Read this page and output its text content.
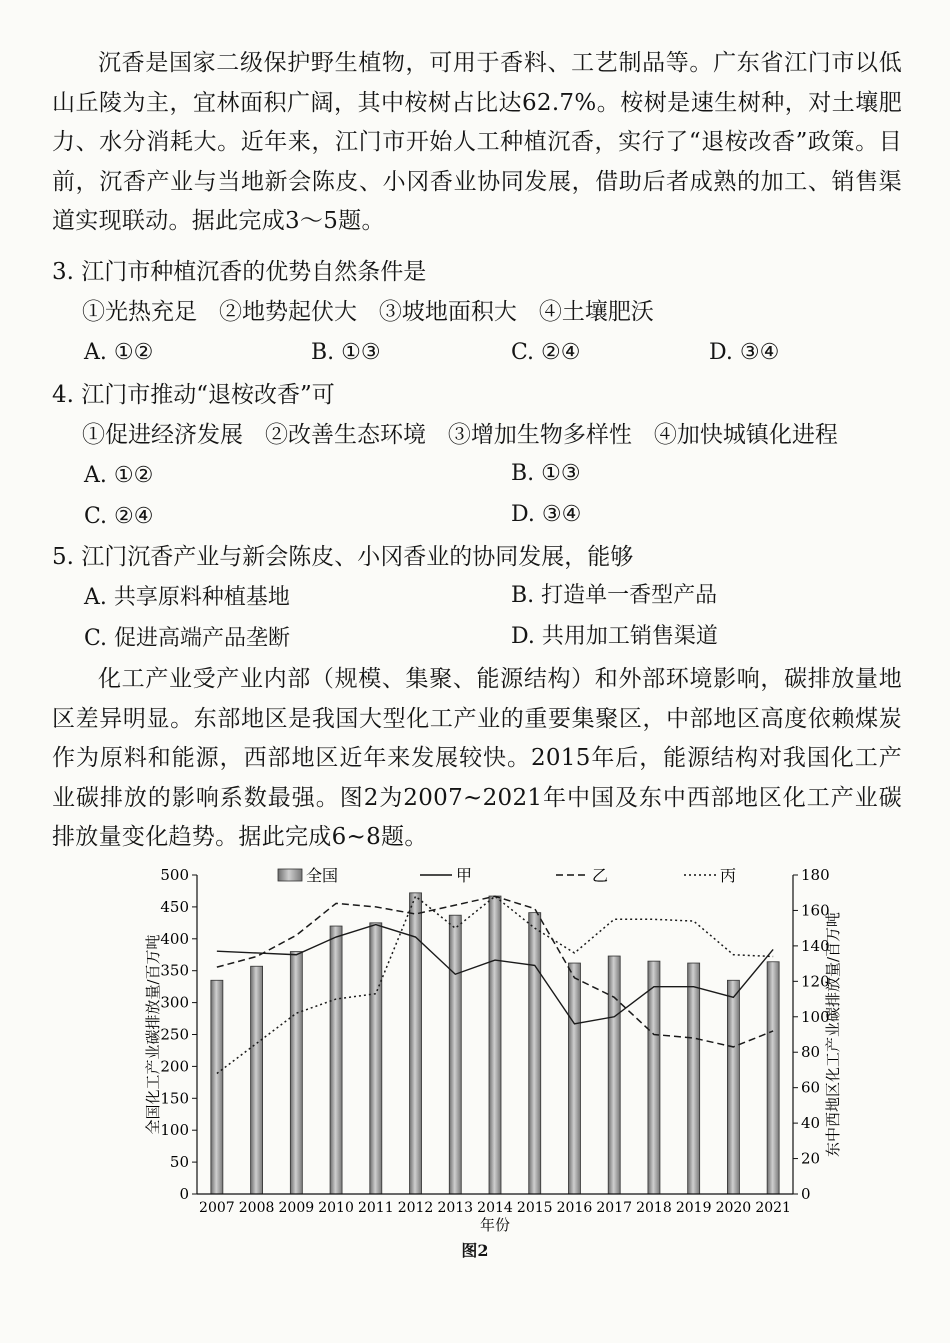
沉香是国家二级保护野生植物，可用于香料、工艺制品等。广东省江门市以低山丘陵为主，宜林面积广阔，其中桉树占比达62.7%。桉树是速生树种，对土壤肥力、水分消耗大。近年来，江门市开始人工种植沉香，实行了“退桉改香”政策。目前，沉香产业与当地新会陈皮、小冈香业协同发展，借助后者成熟的加工、销售渠道实现联动。据此完成3～5题。

3. 江门市种植沉香的优势自然条件是
①光热充足 ②地势起伏大 ③坡地面积大 ④土壤肥沃
A. ①②	B. ①③	C. ②④	D. ③④
4. 江门市推动“退桉改香”可
①促进经济发展 ②改善生态环境 ③增加生物多样性 ④加快城镇化进程
A. ①②	B. ①③
C. ②④	D. ③④
5. 江门沉香产业与新会陈皮、小冈香业的协同发展，能够
A. 共享原料种植基地	B. 打造单一香型产品
C. 促进高端产品垄断	D. 共用加工销售渠道

化工产业受产业内部（规模、集聚、能源结构）和外部环境影响，碳排放量地区差异明显。东部地区是我国大型化工产业的重要集聚区，中部地区高度依赖煤炭作为原料和能源，西部地区近年来发展较快。2015年后，能源结构对我国化工产业碳排放的影响系数最强。图2为2007~2021年中国及东中西部地区化工产业碳排放量变化趋势。据此完成6~8题。

0
50
100
150
200
250
300
350
400
450
500
0
20
40
60
80
100
120
140
160
180
2007 2008 2009 2010 2011 2012 2013 2014 2015 2016 2017 2018 2019 2020 2021
年份
全国化工产业碳排放量/百万吨	东中西地区化工产业碳排放量/百万吨
全国	甲	乙	丙
图2
